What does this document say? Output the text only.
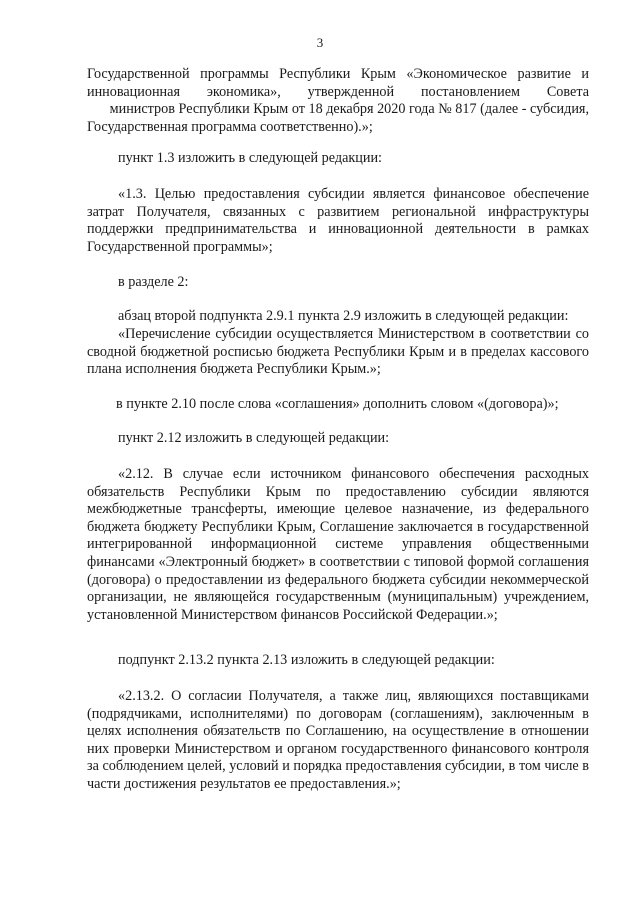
3
Государственной программы Республики Крым «Экономическое развитие и
инновационная экономика», утвержденной постановлением Совета
министров Республики Крым от 18 декабря 2020 года № 817 (далее - субсидия,
Государственная программа соответственно).»;
пункт 1.3 изложить в следующей редакции:
«1.3. Целью предоставления субсидии является финансовое обеспечение затрат Получателя, связанных с развитием региональной инфраструктуры поддержки предпринимательства и инновационной деятельности в рамках Государственной программы»;
в разделе 2:
абзац второй подпункта 2.9.1 пункта 2.9 изложить в следующей редакции:
«Перечисление субсидии осуществляется Министерством в соответствии со сводной бюджетной росписью бюджета Республики Крым и в пределах кассового плана исполнения бюджета Республики Крым.»;
в пункте 2.10 после слова «соглашения» дополнить словом «(договора)»;
пункт 2.12 изложить в следующей редакции:
«2.12. В случае если источником финансового обеспечения расходных обязательств Республики Крым по предоставлению субсидии являются межбюджетные трансферты, имеющие целевое назначение, из федерального бюджета бюджету Республики Крым, Соглашение заключается в государственной интегрированной информационной системе управления общественными финансами «Электронный бюджет» в соответствии с типовой формой соглашения (договора) о предоставлении из федерального бюджета субсидии некоммерческой организации, не являющейся государственным (муниципальным) учреждением, установленной Министерством финансов Российской Федерации.»;
подпункт 2.13.2 пункта 2.13 изложить в следующей редакции:
«2.13.2. О согласии Получателя, а также лиц, являющихся поставщиками (подрядчиками, исполнителями) по договорам (соглашениям), заключенным в целях исполнения обязательств по Соглашению, на осуществление в отношении них проверки Министерством и органом государственного финансового контроля за соблюдением целей, условий и порядка предоставления субсидии, в том числе в части достижения результатов ее предоставления.»;
